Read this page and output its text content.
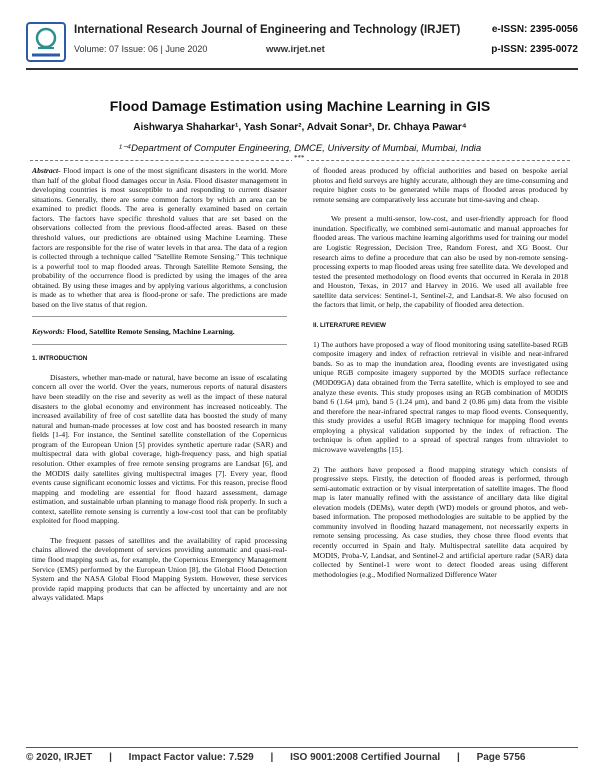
International Research Journal of Engineering and Technology (IRJET)	e-ISSN: 2395-0056
Volume: 07 Issue: 06 | June 2020	www.irjet.net	p-ISSN: 2395-0072
Flood Damage Estimation using Machine Learning in GIS
Aishwarya Shaharkar¹, Yash Sonar², Advait Sonar³, Dr. Chhaya Pawar⁴
¹⁻⁴Department of Computer Engineering, DMCE, University of Mumbai, Mumbai, India
***

Abstract- Flood impact is one of the most significant disasters in the world. More than half of the global flood damages occur in Asia. Flood disaster management in developing countries is most susceptible to and responding to current disaster situations. Generally, there are some common factors by which an area can be examined to predict floods. The area is generally examined based on certain factors. The factors have specific threshold values that are set based on the observations collected from the previous flood-affected areas. Based on these threshold values, our predictions are obtained using Machine Learning. These factors are responsible for the rise of water levels in that area. The data of a region is collected through a technique called "Satellite Remote Sensing." This technique is a powerful tool to map flooded areas. Through Satellite Remote Sensing, the probability of the occurrence flood is predicted by using the images of the area obtained. By using these images and by applying various algorithms, a conclusion is made as to whether that area is flood-prone or safe. The predictions are made based on the live status of that region.

Keywords: Flood, Satellite Remote Sensing, Machine Learning.

1. INTRODUCTION

Disasters, whether man-made or natural, have become an issue of escalating concern all over the world. Over the years, numerous reports of natural disasters have been steadily on the rise and severity as well as the impact of these natural disasters to the global economy and environment has increased noticeably. The increased availability of free of cost satellite data has boosted the study of many natural and human-made processes at low cost and has boosted research in many fields [1-4]. For instance, the Sentinel satellite constellation of the Copernicus program of the European Union [5] provides synthetic aperture radar (SAR) and multispectral data with global coverage, high-frequency pass, and high spatial resolution. Other examples of free remote sensing programs are Landsat [6], and the MODIS daily satellites giving multispectral images [7]. Every year, flood events cause significant economic losses and victims. For this reason, precise flood mapping and modeling are essential for flood hazard assessment, damage estimation, and sustainable urban planning to manage flood risk properly. In such a context, satellite remote sensing is currently a low-cost tool that can be profitably exploited for flood mapping.

The frequent passes of satellites and the availability of rapid processing chains allowed the development of services providing automatic and quasi-real-time flood mapping such as, for example, the Copernicus Emergency Management Service (EMS) performed by the European Union [8], the Global Flood Detection System and the NASA Global Flood Mapping System. However, these services provide rapid mapping products that can be affected by uncertainty and are not always validated. Maps

of flooded areas produced by official authorities and based on bespoke aerial photos and field surveys are highly accurate, although they are time-consuming and require higher costs to be generated while maps of flooded areas produced by remote sensing are comparatively less accurate but time-saving and cheap.

We present a multi-sensor, low-cost, and user-friendly approach for flood inundation. Specifically, we combined semi-automatic and manual approaches for flooded areas. The various machine learning algorithms used for training our model are Logistic Regression, Decision Tree, Random Forest, and XG Boost. Our research aims to define a procedure that can also be used by non-remote sensing-processing experts to map flooded areas using free satellite data. We developed and tested the presented methodology on flood events that occurred in Kerala in 2018 and Houston, Texas, in 2017 and Harvey in 2016. We used all available free satellite data services: Sentinel-1, Sentinel-2, and Landsat-8. We also focused on the factors that limit, or help, the capability of flooded area detection.

II. LITERATURE REVIEW

1) The authors have proposed a way of flood monitoring using satellite-based RGB composite imagery and index of refraction retrieval in visible and near-infrared bands. So as to map the inundation area, flooding events are investigated using unique RGB composite imagery supported by the MODIS surface reflectance (MOD09GA) data obtained from the Terra satellite, which is employed to see and analyze these events. This study proposes using an RGB combination of MODIS band 6 (1.64 μm), band 5 (1.24 μm), and band 2 (0.86 μm) data from the visible and therefore the near-infrared spectral ranges to map flood events. Consequently, this study provides a useful RGB imagery technique for mapping flood events employing a physical validation supported by the index of refraction. The technique is often applied to a spread of spectral ranges from ultraviolet to microwave wavelengths [15].

2) The authors have proposed a flood mapping strategy which consists of progressive steps. Firstly, the detection of flooded areas is performed, through semi-automatic extraction or by visual interpretation of satellite images. The flood map is later manually refined with the assistance of ancillary data like digital elevation models (DEMs), water depth (WD) models or ground photos, and web-based information. The proposed methodologies are suitable to be applied by the community involved in flooding hazard management, not necessarily experts in remote sensing processing. As case studies, they chose three flood events that recently occurred in Spain and Italy. Multispectral satellite data acquired by MODIS, Proba-V, Landsat, and Sentinel-2 and artificial aperture radar (SAR) data collected by Sentinel-1 were wont to detect flooded areas using different methodologies (e.g., Modified Normalized Difference Water

© 2020, IRJET | Impact Factor value: 7.529 | ISO 9001:2008 Certified Journal | Page 5756
